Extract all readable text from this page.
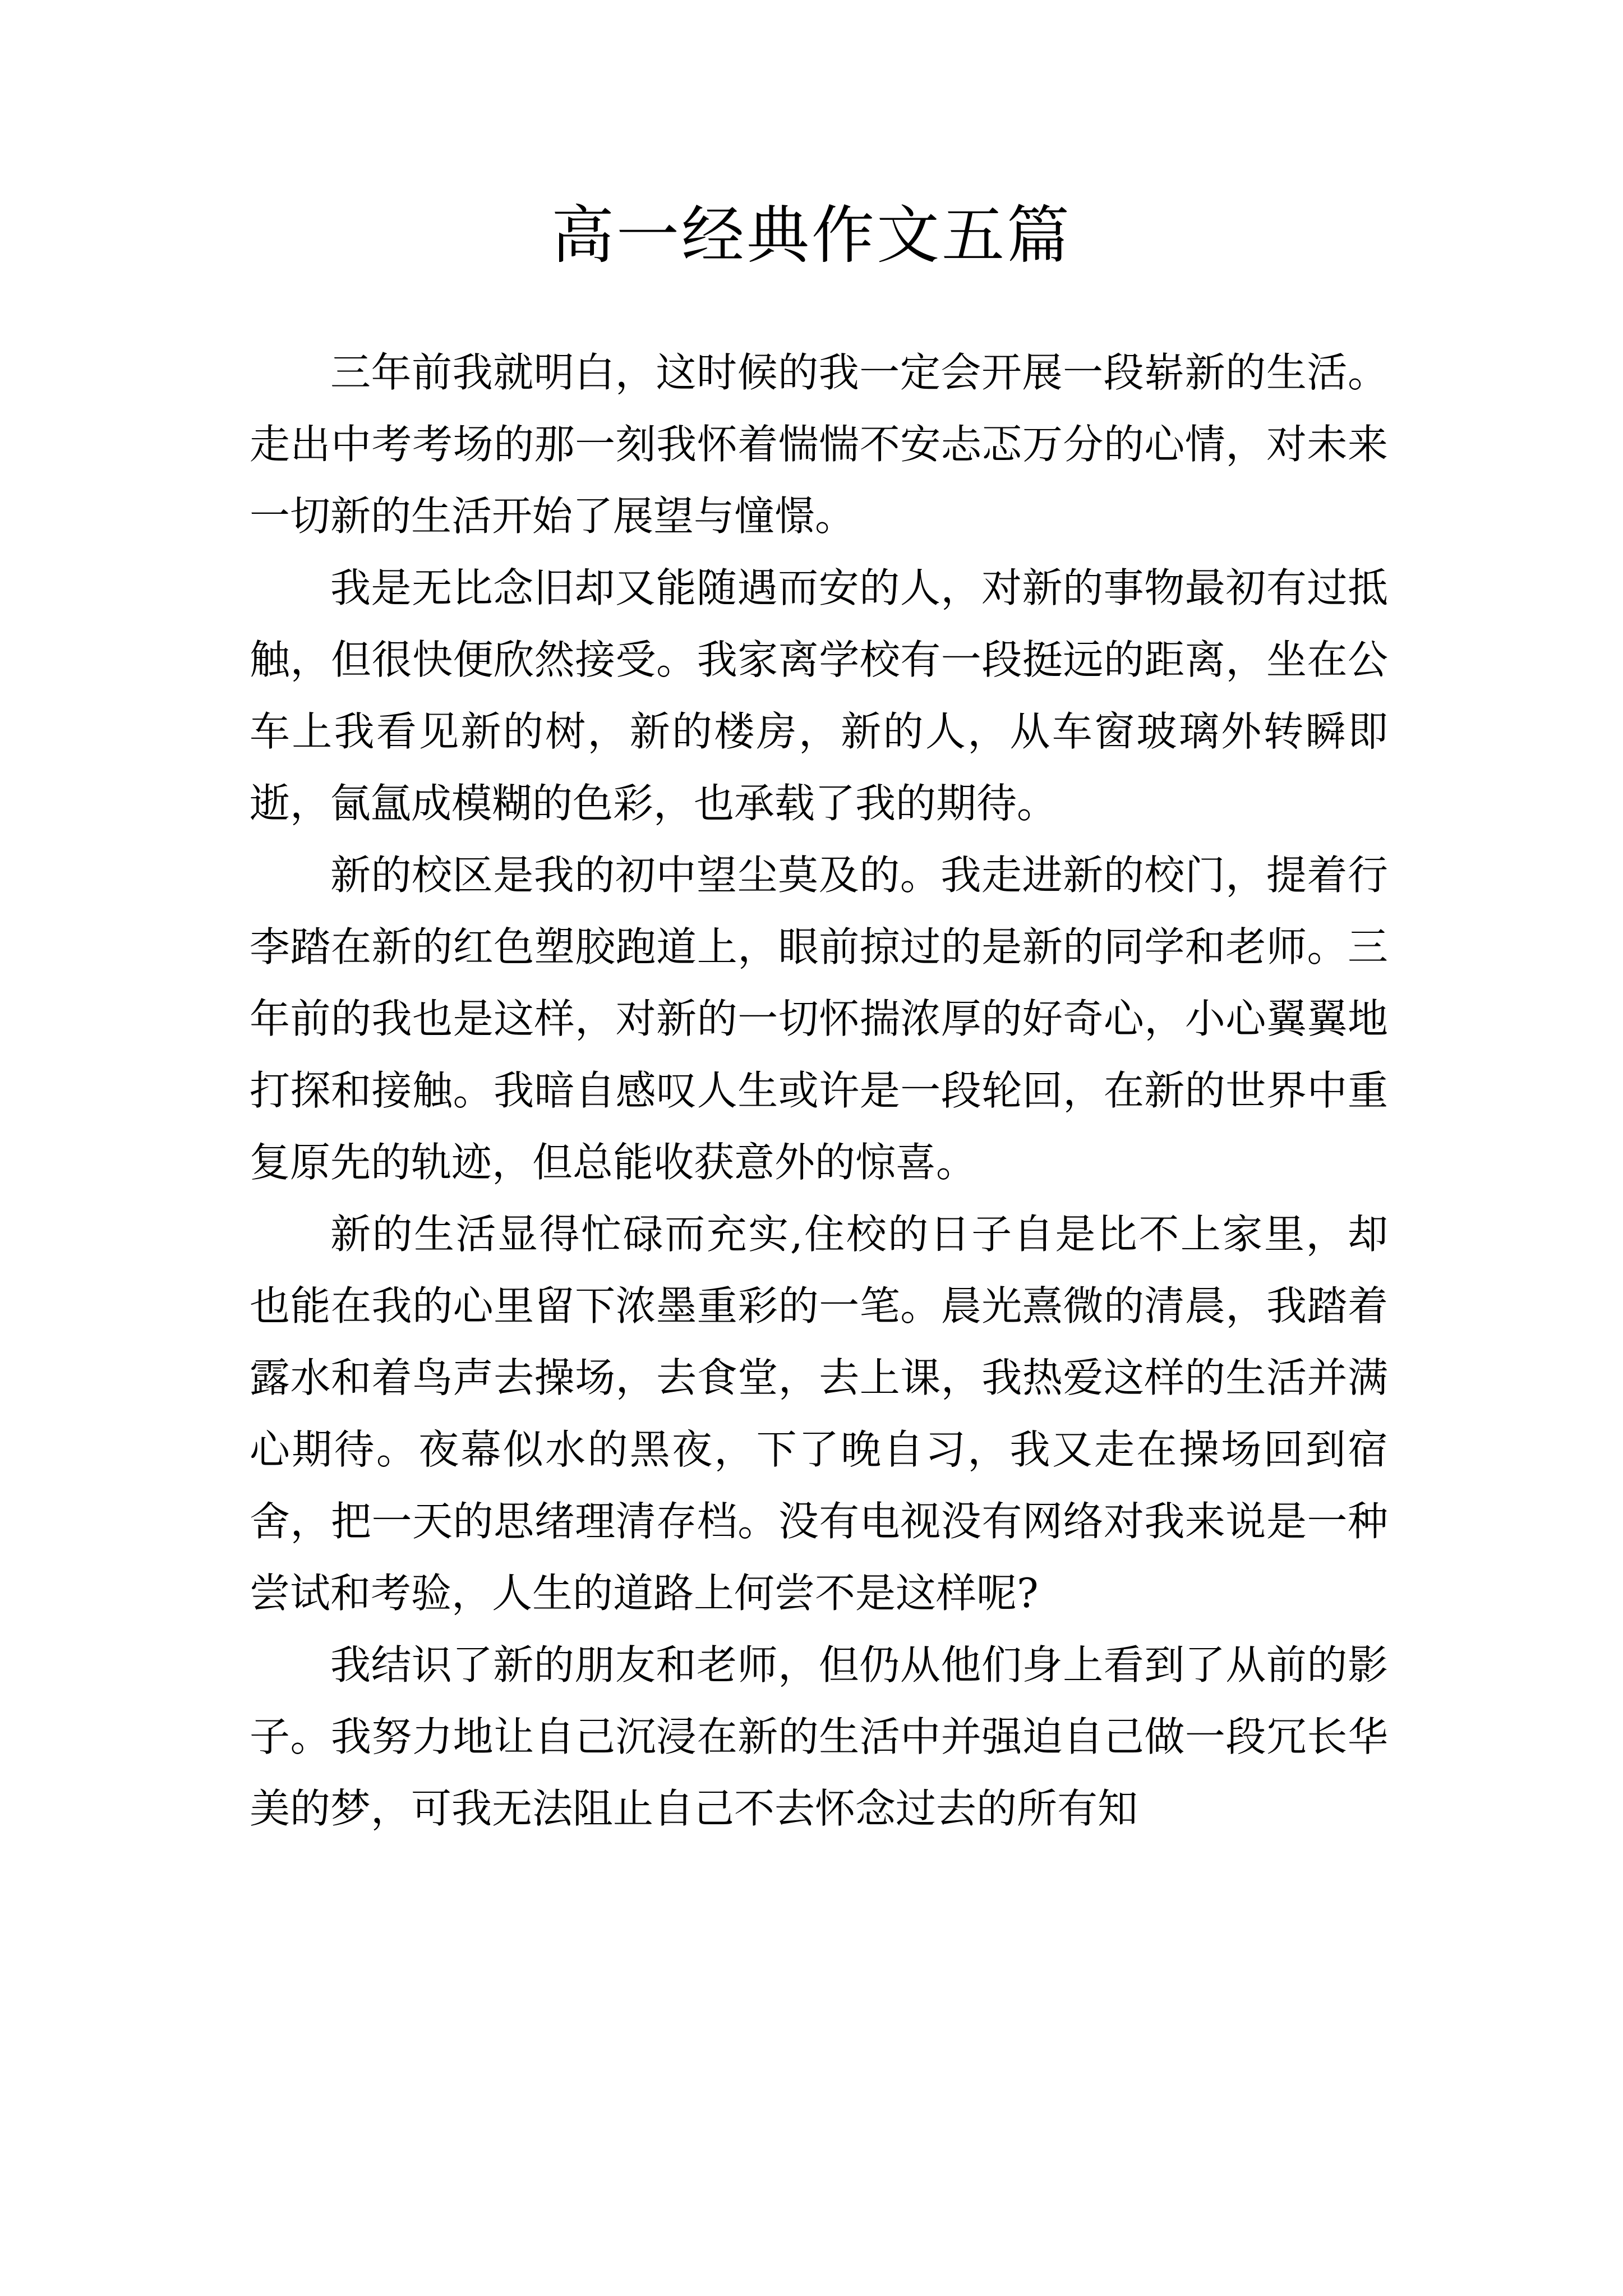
高一经典作文五篇

三年前我就明白，这时候的我一定会开展一段崭新的生活。走出中考考场的那一刻我怀着惴惴不安忐忑万分的心情，对未来一切新的生活开始了展望与憧憬。

我是无比念旧却又能随遇而安的人，对新的事物最初有过抵触，但很快便欣然接受。我家离学校有一段挺远的距离，坐在公车上我看见新的树，新的楼房，新的人，从车窗玻璃外转瞬即逝，氤氲成模糊的色彩，也承载了我的期待。

新的校区是我的初中望尘莫及的。我走进新的校门，提着行李踏在新的红色塑胶跑道上，眼前掠过的是新的同学和老师。三年前的我也是这样，对新的一切怀揣浓厚的好奇心，小心翼翼地打探和接触。我暗自感叹人生或许是一段轮回，在新的世界中重复原先的轨迹，但总能收获意外的惊喜。

新的生活显得忙碌而充实,住校的日子自是比不上家里，却也能在我的心里留下浓墨重彩的一笔。晨光熹微的清晨，我踏着露水和着鸟声去操场，去食堂，去上课，我热爱这样的生活并满心期待。夜幕似水的黑夜，下了晚自习，我又走在操场回到宿舍，把一天的思绪理清存档。没有电视没有网络对我来说是一种尝试和考验，人生的道路上何尝不是这样呢?

我结识了新的朋友和老师，但仍从他们身上看到了从前的影子。我努力地让自己沉浸在新的生活中并强迫自己做一段冗长华美的梦，可我无法阻止自己不去怀念过去的所有知
